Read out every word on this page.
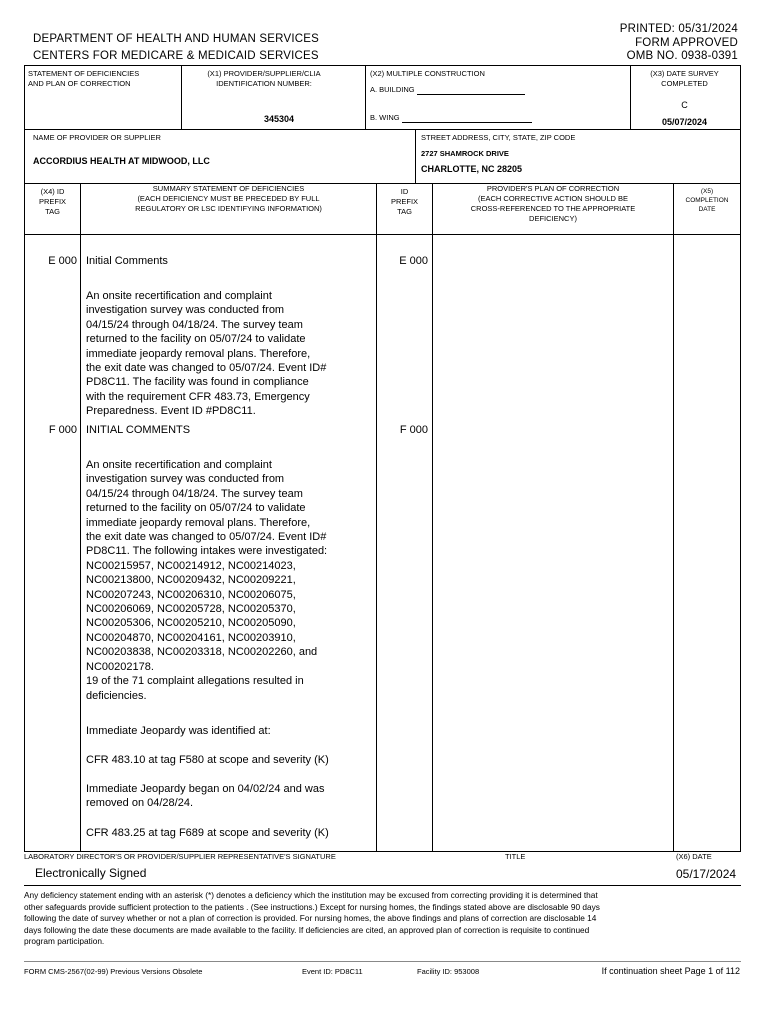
DEPARTMENT OF HEALTH AND HUMAN SERVICES
CENTERS FOR MEDICARE & MEDICAID SERVICES
PRINTED: 05/31/2024
FORM APPROVED
OMB NO. 0938-0391
STATEMENT OF DEFICIENCIES
AND PLAN OF CORRECTION
(X1) PROVIDER/SUPPLIER/CLIA
IDENTIFICATION NUMBER:
345304
(X2) MULTIPLE CONSTRUCTION
A. BUILDING
B. WING
(X3) DATE SURVEY
COMPLETED
C
05/07/2024
NAME OF PROVIDER OR SUPPLIER
ACCORDIUS HEALTH AT MIDWOOD, LLC
STREET ADDRESS, CITY, STATE, ZIP CODE
2727 SHAMROCK DRIVE
CHARLOTTE, NC 28205
(X4) ID
PREFIX
TAG
SUMMARY STATEMENT OF DEFICIENCIES
(EACH DEFICIENCY MUST BE PRECEDED BY FULL
REGULATORY OR LSC IDENTIFYING INFORMATION)
ID
PREFIX
TAG
PROVIDER'S PLAN OF CORRECTION
(EACH CORRECTIVE ACTION SHOULD BE
CROSS-REFERENCED TO THE APPROPRIATE
DEFICIENCY)
(X5)
COMPLETION
DATE
E 000	E 000
Initial Comments
An onsite recertification and complaint
investigation survey was conducted from
04/15/24 through 04/18/24. The survey team
returned to the facility on 05/07/24 to validate
immediate jeopardy removal plans. Therefore,
the exit date was changed to 05/07/24. Event ID#
PD8C11. The facility was found in compliance
with the requirement CFR 483.73, Emergency
Preparedness. Event ID #PD8C11.
F 000	F 000
INITIAL COMMENTS
An onsite recertification and complaint
investigation survey was conducted from
04/15/24 through 04/18/24. The survey team
returned to the facility on 05/07/24 to validate
immediate jeopardy removal plans. Therefore,
the exit date was changed to 05/07/24. Event ID#
PD8C11. The following intakes were investigated:
NC00215957, NC00214912, NC00214023,
NC00213800, NC00209432, NC00209221,
NC00207243, NC00206310, NC00206075,
NC00206069, NC00205728, NC00205370,
NC00205306, NC00205210, NC00205090,
NC00204870, NC00204161, NC00203910,
NC00203838, NC00203318, NC00202260, and
NC00202178.
19 of the 71 complaint allegations resulted in
deficiencies.
Immediate Jeopardy was identified at:
CFR 483.10 at tag F580 at scope and severity (K)
Immediate Jeopardy began on 04/02/24 and was
removed on 04/28/24.
CFR 483.25 at tag F689 at scope and severity (K)
LABORATORY DIRECTOR'S OR PROVIDER/SUPPLIER REPRESENTATIVE'S SIGNATURE
Electronically Signed
TITLE	(X6) DATE
05/17/2024
Any deficiency statement ending with an asterisk (*) denotes a deficiency which the institution may be excused from correcting providing it is determined that
other safeguards provide sufficient protection to the patients . (See instructions.) Except for nursing homes, the findings stated above are disclosable 90 days
following the date of survey whether or not a plan of correction is provided. For nursing homes, the above findings and plans of correction are disclosable 14
days following the date these documents are made available to the facility. If deficiencies are cited, an approved plan of correction is requisite to continued
program participation.
FORM CMS-2567(02-99) Previous Versions Obsolete	Event ID: PD8C11	Facility ID: 953008	If continuation sheet Page 1 of 112
